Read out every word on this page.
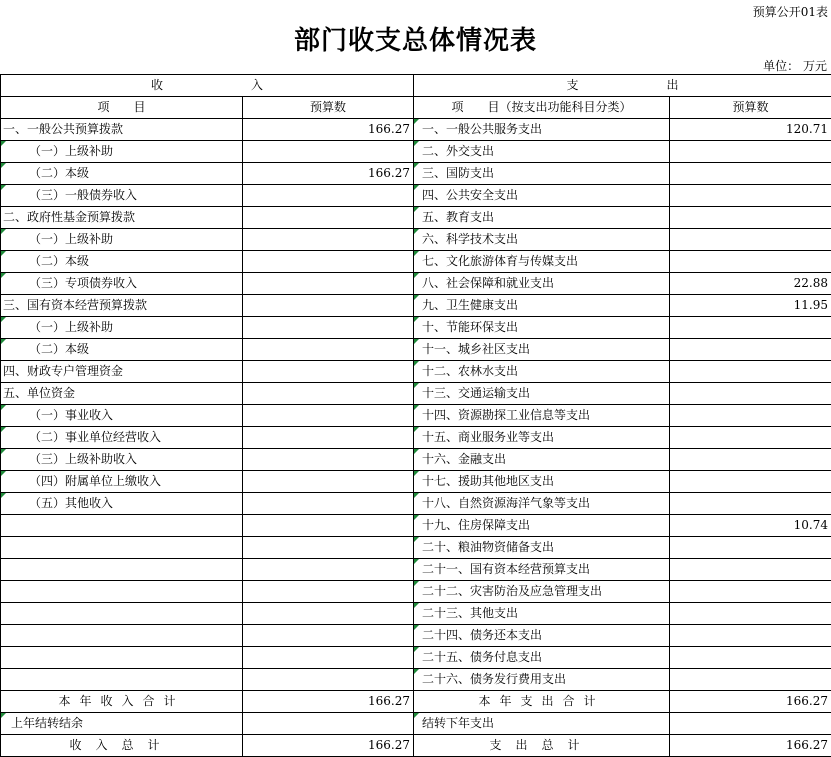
预算公开01表
部门收支总体情况表
单位： 万元
收 入		支 出	
项　　目	预算数	项　　目（按支出功能科目分类）	预算数
一、一般公共预算拨款	166.27	一、一般公共服务支出	120.71
（一）上级补助		二、外交支出	
（二）本级	166.27	三、国防支出	
（三）一般债券收入		四、公共安全支出	
二、政府性基金预算拨款		五、教育支出	
（一）上级补助		六、科学技术支出	
（二）本级		七、文化旅游体育与传媒支出	
（三）专项债券收入		八、社会保障和就业支出	22.88
三、国有资本经营预算拨款		九、卫生健康支出	11.95
（一）上级补助		十、节能环保支出	
（二）本级		十一、城乡社区支出	
四、财政专户管理资金		十二、农林水支出	
五、单位资金		十三、交通运输支出	
（一）事业收入		十四、资源勘探工业信息等支出	
（二）事业单位经营收入		十五、商业服务业等支出	
（三）上级补助收入		十六、金融支出	
（四）附属单位上缴收入		十七、援助其他地区支出	
（五）其他收入		十八、自然资源海洋气象等支出	
		十九、住房保障支出	10.74
		二十、粮油物资储备支出	
		二十一、国有资本经营预算支出	
		二十二、灾害防治及应急管理支出	
		二十三、其他支出	
		二十四、债务还本支出	
		二十五、债务付息支出	
		二十六、债务发行费用支出	
本年收入合计	166.27	本年支出合计	166.27
上年结转结余		结转下年支出	
收入总计	166.27	支出总计	166.27
